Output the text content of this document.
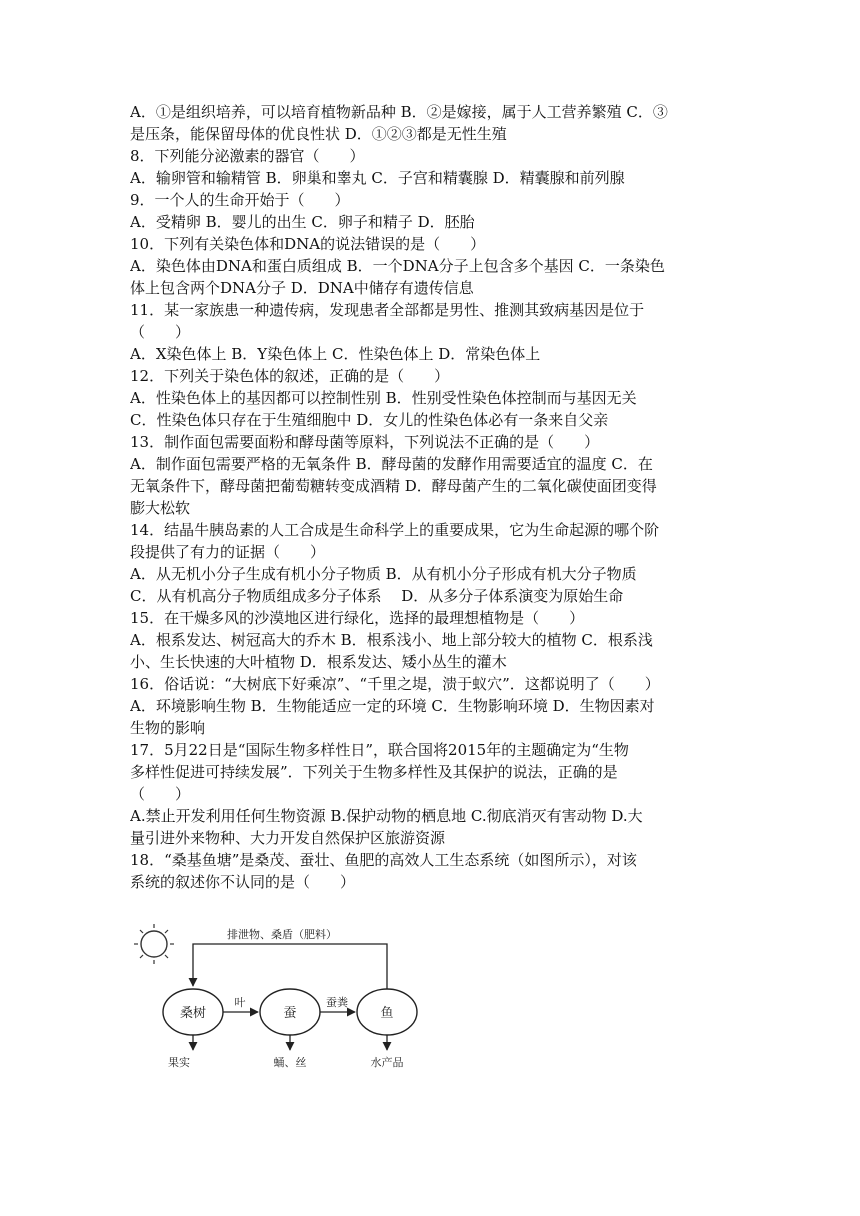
A．①是组织培养，可以培育植物新品种 B．②是嫁接，属于人工营养繁殖 C．③
是压条，能保留母体的优良性状 D．①②③都是无性生殖
8．下列能分泌激素的器官（　　）
A．输卵管和输精管 B．卵巢和睾丸 C．子宫和精囊腺 D．精囊腺和前列腺
9．一个人的生命开始于（　　）
A．受精卵 B．婴儿的出生 C．卵子和精子 D．胚胎
10．下列有关染色体和DNA的说法错误的是（　　）
A．染色体由DNA和蛋白质组成 B．一个DNA分子上包含多个基因 C．一条染色
体上包含两个DNA分子 D．DNA中储存有遗传信息
11．某一家族患一种遗传病，发现患者全部都是男性、推测其致病基因是位于
（　　）
A．X染色体上 B．Y染色体上 C．性染色体上 D．常染色体上
12．下列关于染色体的叙述，正确的是（　　）
A．性染色体上的基因都可以控制性别 B．性别受性染色体控制而与基因无关
C．性染色体只存在于生殖细胞中 D．女儿的性染色体必有一条来自父亲
13．制作面包需要面粉和酵母菌等原料，下列说法不正确的是（　　）
A．制作面包需要严格的无氧条件 B．酵母菌的发酵作用需要适宜的温度 C．在
无氧条件下，酵母菌把葡萄糖转变成酒精 D．酵母菌产生的二氧化碳使面团变得
膨大松软
14．结晶牛胰岛素的人工合成是生命科学上的重要成果，它为生命起源的哪个阶
段提供了有力的证据（　　）
A．从无机小分子生成有机小分子物质 B．从有机小分子形成有机大分子物质
C．从有机高分子物质组成多分子体系　 D．从多分子体系演变为原始生命
15．在干燥多风的沙漠地区进行绿化，选择的最理想植物是（　　）
A．根系发达、树冠高大的乔木 B．根系浅小、地上部分较大的植物 C．根系浅
小、生长快速的大叶植物 D．根系发达、矮小丛生的灌木
16．俗话说：“大树底下好乘凉”、“千里之堤，溃于蚁穴”．这都说明了（　　）
A．环境影响生物 B．生物能适应一定的环境 C．生物影响环境 D．生物因素对
生物的影响
17．5月22日是“国际生物多样性日”，联合国将2015年的主题确定为“生物
多样性促进可持续发展”．下列关于生物多样性及其保护的说法，正确的是
（　　）
A.禁止开发利用任何生物资源 B.保护动物的栖息地 C.彻底消灭有害动物 D.大
量引进外来物种、大力开发自然保护区旅游资源
18．“桑基鱼塘”是桑茂、蚕壮、鱼肥的高效人工生态系统（如图所示），对该
系统的叙述你不认同的是（　　）
排泄物、桑盾（肥料）
桑树	蚕	鱼
叶	蚕粪
果实	蛹、丝	水产品
